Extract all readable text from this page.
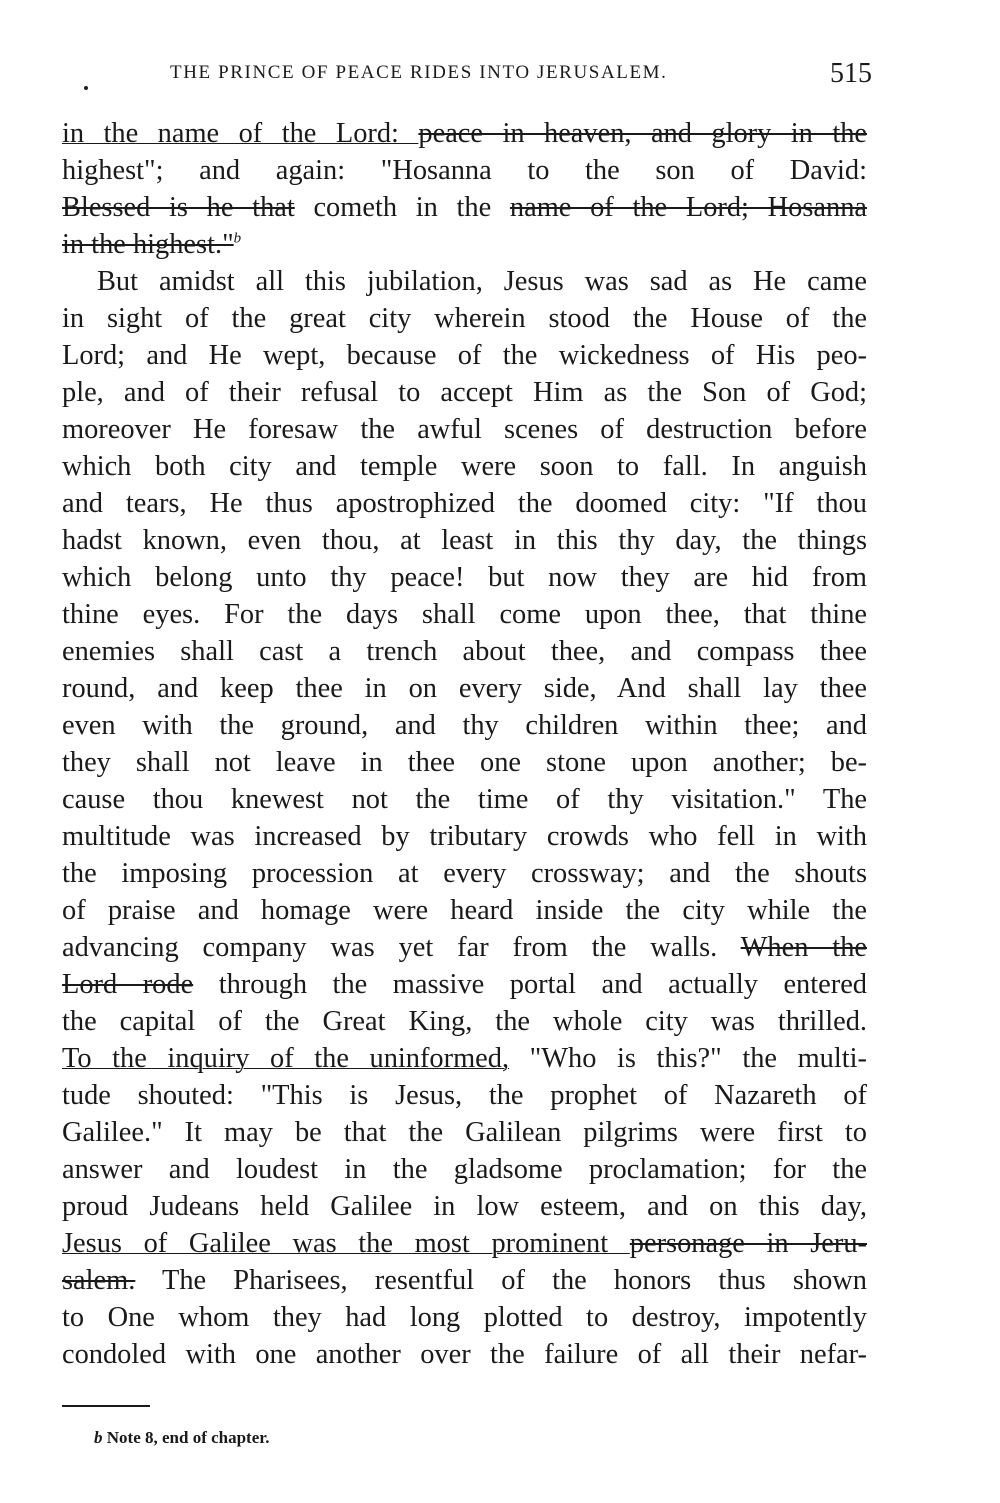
THE PRINCE OF PEACE RIDES INTO JERUSALEM.	515
in the name of the Lord: peace in heaven, and glory in the
highest"; and again: "Hosanna to the son of David:
Blessed is he that cometh in the name of the Lord; Hosanna
in the highest."$^b$
But amidst all this jubilation, Jesus was sad as He came
in sight of the great city wherein stood the House of the
Lord; and He wept, because of the wickedness of His peo-
ple, and of their refusal to accept Him as the Son of God;
moreover He foresaw the awful scenes of destruction before
which both city and temple were soon to fall. In anguish
and tears, He thus apostrophized the doomed city: "If thou
hadst known, even thou, at least in this thy day, the things
which belong unto thy peace! but now they are hid from
thine eyes. For the days shall come upon thee, that thine
enemies shall cast a trench about thee, and compass thee
round, and keep thee in on every side, And shall lay thee
even with the ground, and thy children within thee; and
they shall not leave in thee one stone upon another; be-
cause thou knewest not the time of thy visitation." The
multitude was increased by tributary crowds who fell in with
the imposing procession at every crossway; and the shouts
of praise and homage were heard inside the city while the
advancing company was yet far from the walls. When the
Lord rode through the massive portal and actually entered
the capital of the Great King, the whole city was thrilled.
To the inquiry of the uninformed, "Who is this?" the multi-
tude shouted: "This is Jesus, the prophet of Nazareth of
Galilee." It may be that the Galilean pilgrims were first to
answer and loudest in the gladsome proclamation; for the
proud Judeans held Galilee in low esteem, and on this day,
Jesus of Galilee was the most prominent personage in Jeru-
salem. The Pharisees, resentful of the honors thus shown
to One whom they had long plotted to destroy, impotently
condoled with one another over the failure of all their nefar-
b Note 8, end of chapter.
